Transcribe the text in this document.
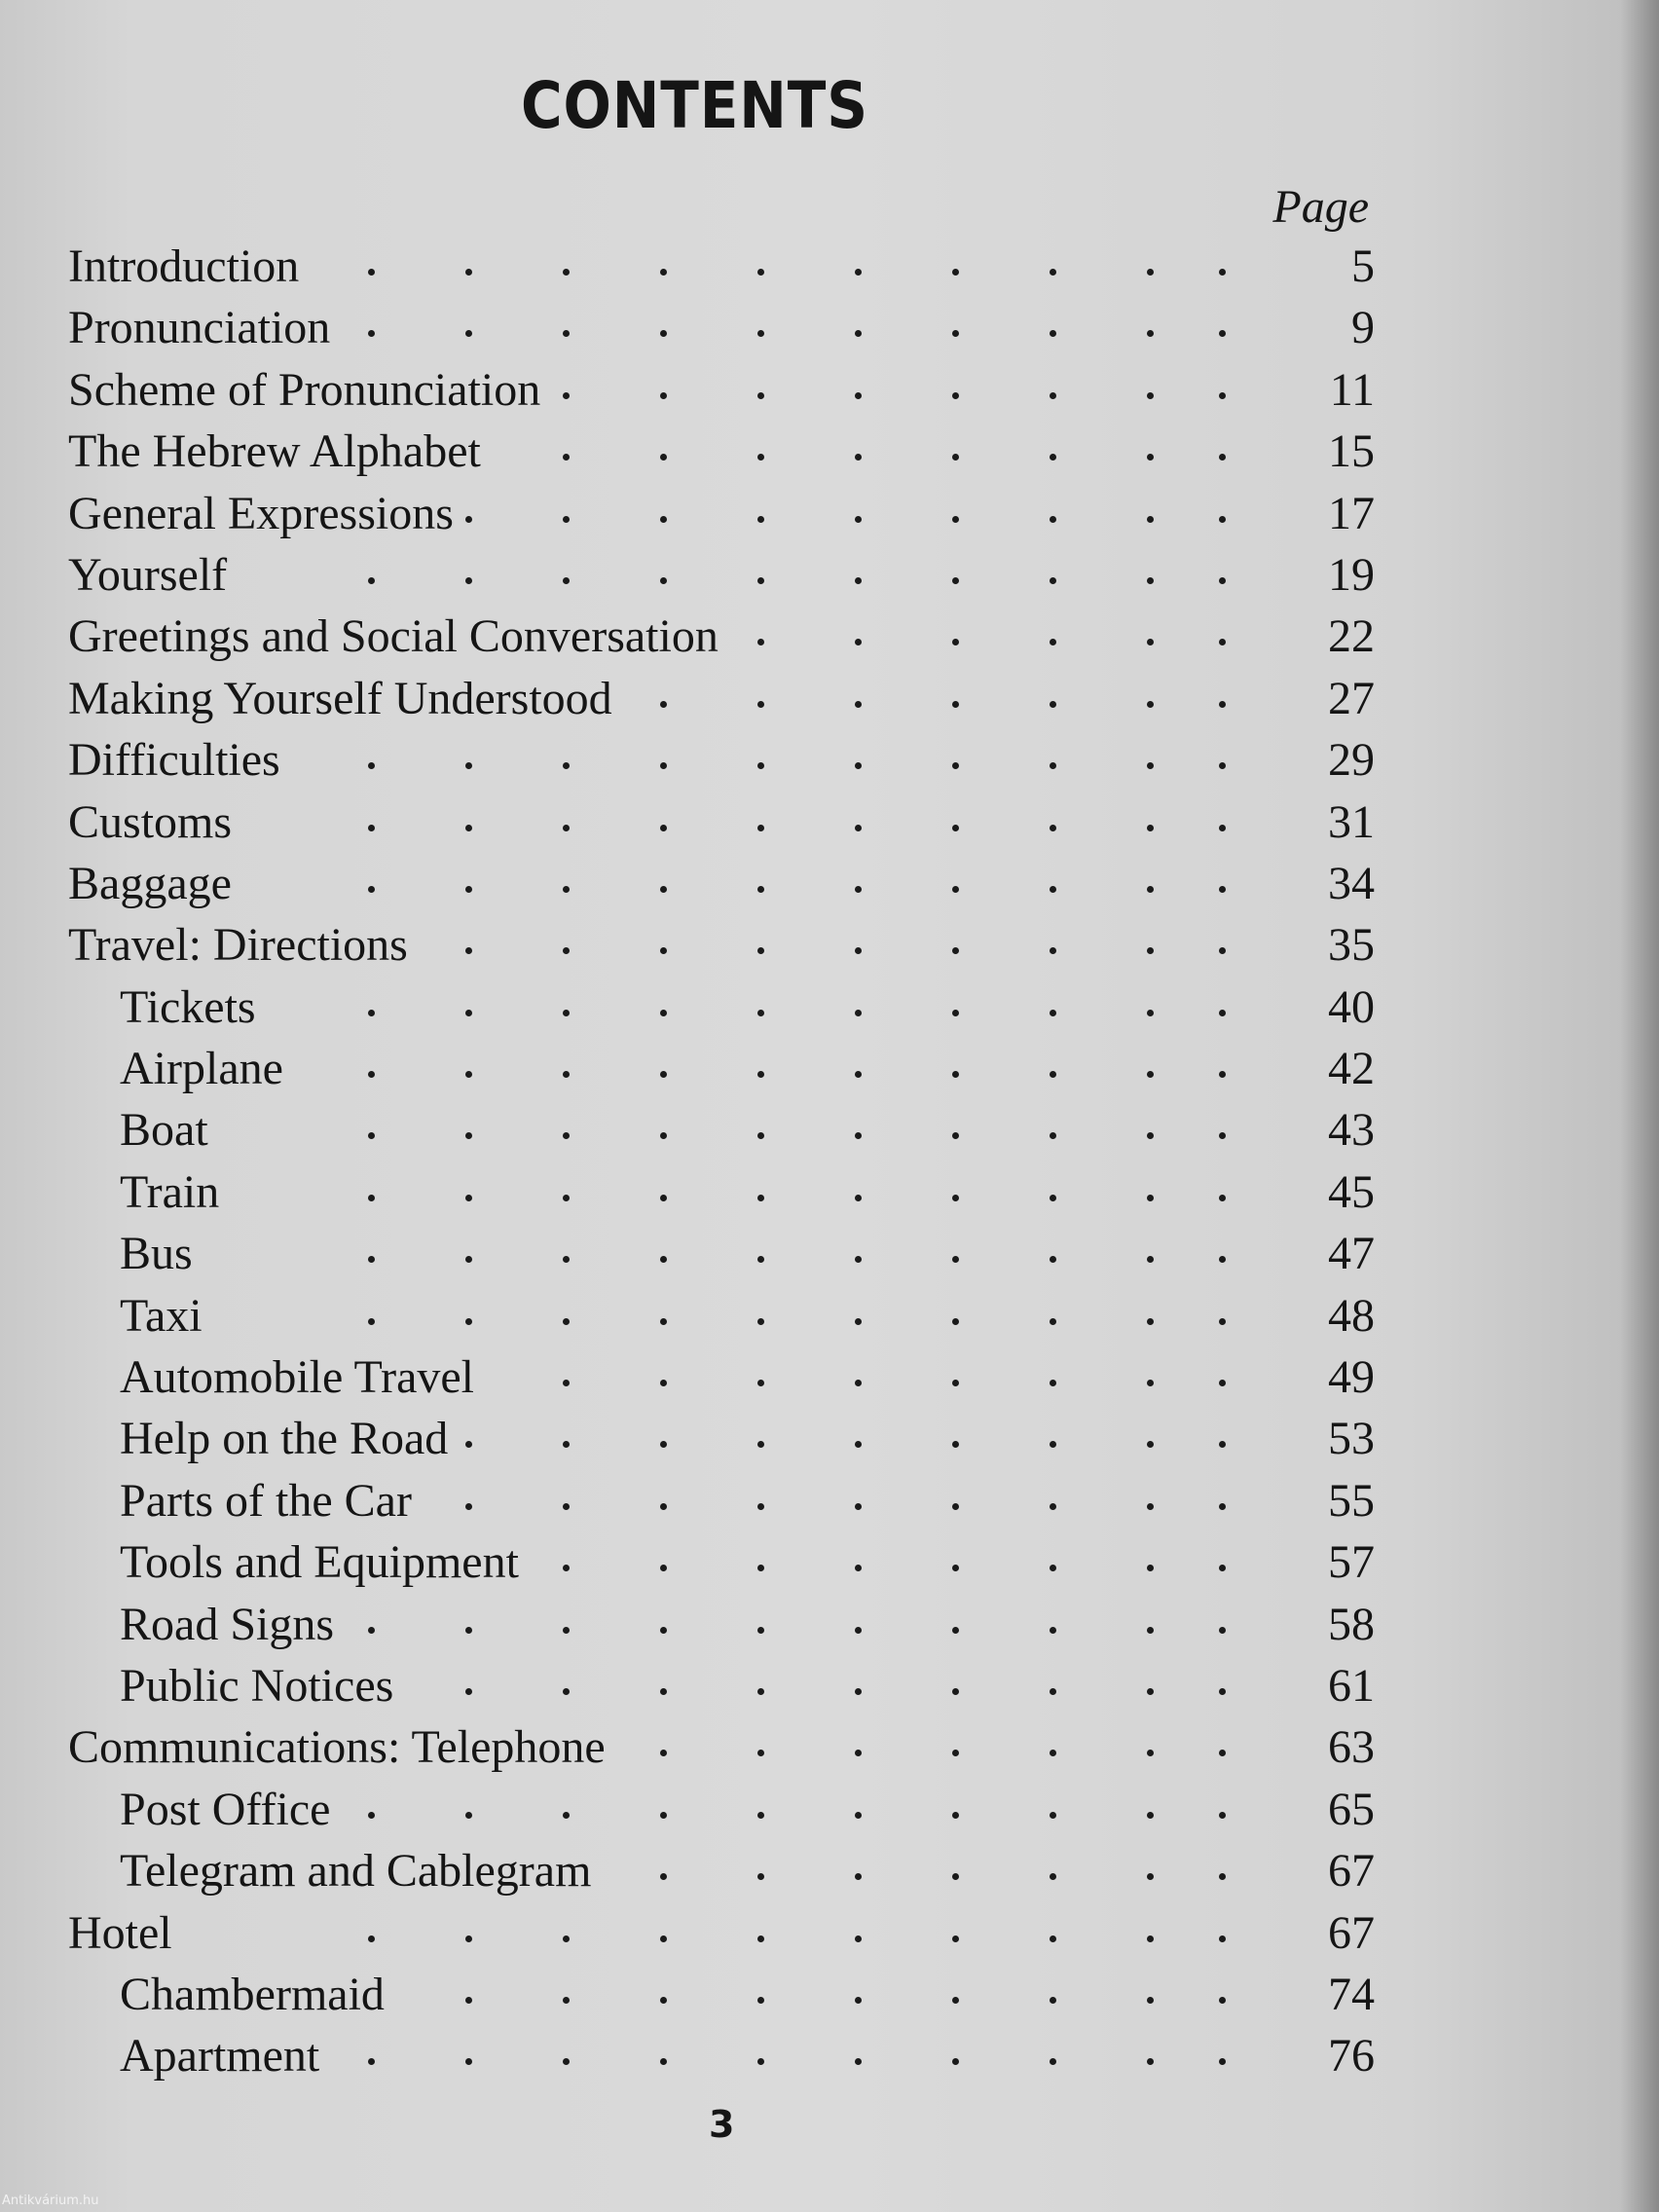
CONTENTS

Page

Introduction	5
Pronunciation	9
Scheme of Pronunciation	11
The Hebrew Alphabet	15
General Expressions	17
Yourself	19
Greetings and Social Conversation	22
Making Yourself Understood	27
Difficulties	29
Customs	31
Baggage	34
Travel: Directions	35
Tickets	40
Airplane	42
Boat	43
Train	45
Bus	47
Taxi	48
Automobile Travel	49
Help on the Road	53
Parts of the Car	55
Tools and Equipment	57
Road Signs	58
Public Notices	61
Communications: Telephone	63
Post Office	65
Telegram and Cablegram	67
Hotel	67
Chambermaid	74
Apartment	76

3

Antikvárium.hu
